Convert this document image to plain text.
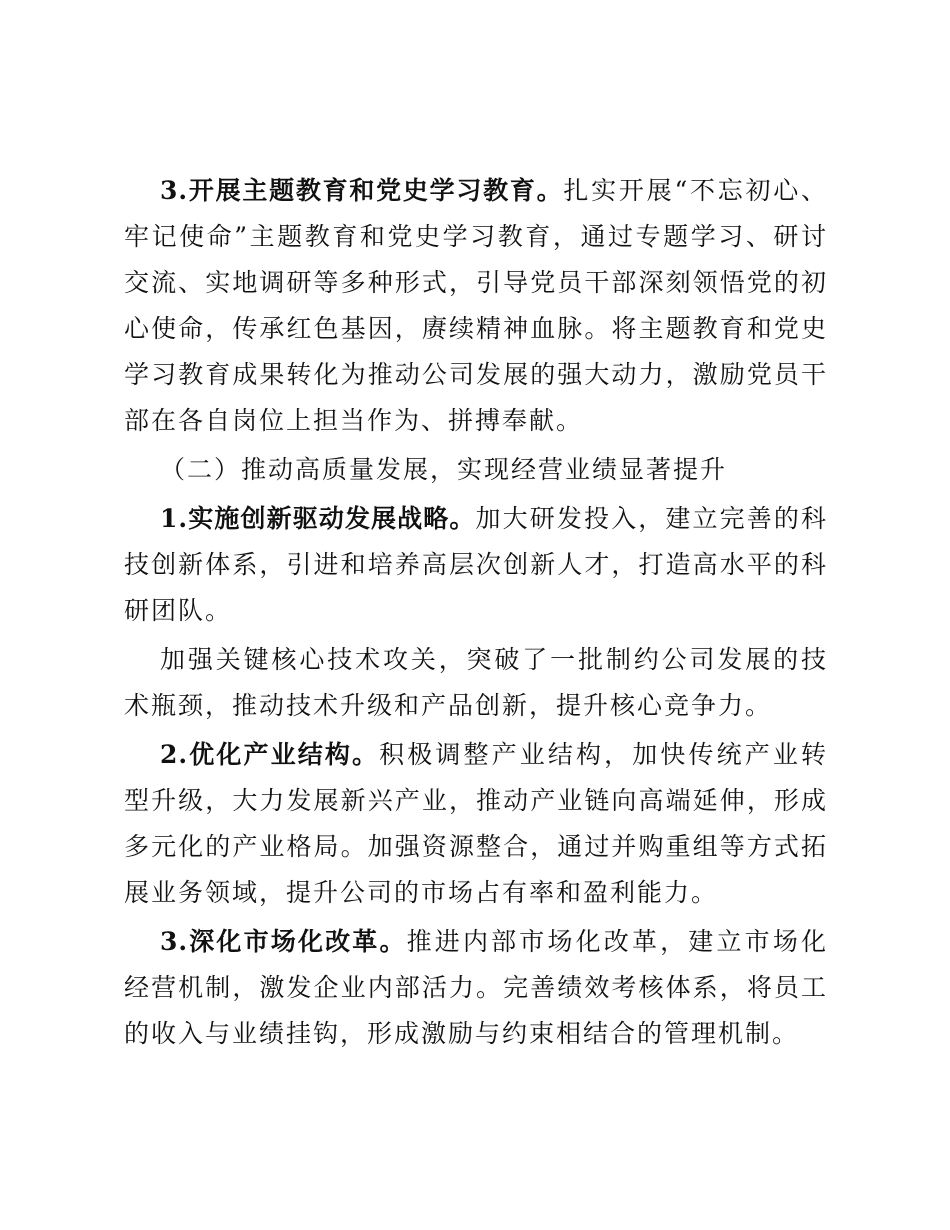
3.开展主题教育和党史学习教育。扎实开展“不忘初心、牢记使命”主题教育和党史学习教育，通过专题学习、研讨交流、实地调研等多种形式，引导党员干部深刻领悟党的初心使命，传承红色基因，赓续精神血脉。将主题教育和党史学习教育成果转化为推动公司发展的强大动力，激励党员干部在各自岗位上担当作为、拼搏奉献。

（二）推动高质量发展，实现经营业绩显著提升

1.实施创新驱动发展战略。加大研发投入，建立完善的科技创新体系，引进和培养高层次创新人才，打造高水平的科研团队。

加强关键核心技术攻关，突破了一批制约公司发展的技术瓶颈，推动技术升级和产品创新，提升核心竞争力。

2.优化产业结构。积极调整产业结构，加快传统产业转型升级，大力发展新兴产业，推动产业链向高端延伸，形成多元化的产业格局。加强资源整合，通过并购重组等方式拓展业务领域，提升公司的市场占有率和盈利能力。

3.深化市场化改革。推进内部市场化改革，建立市场化经营机制，激发企业内部活力。完善绩效考核体系，将员工的收入与业绩挂钩，形成激励与约束相结合的管理机制。
